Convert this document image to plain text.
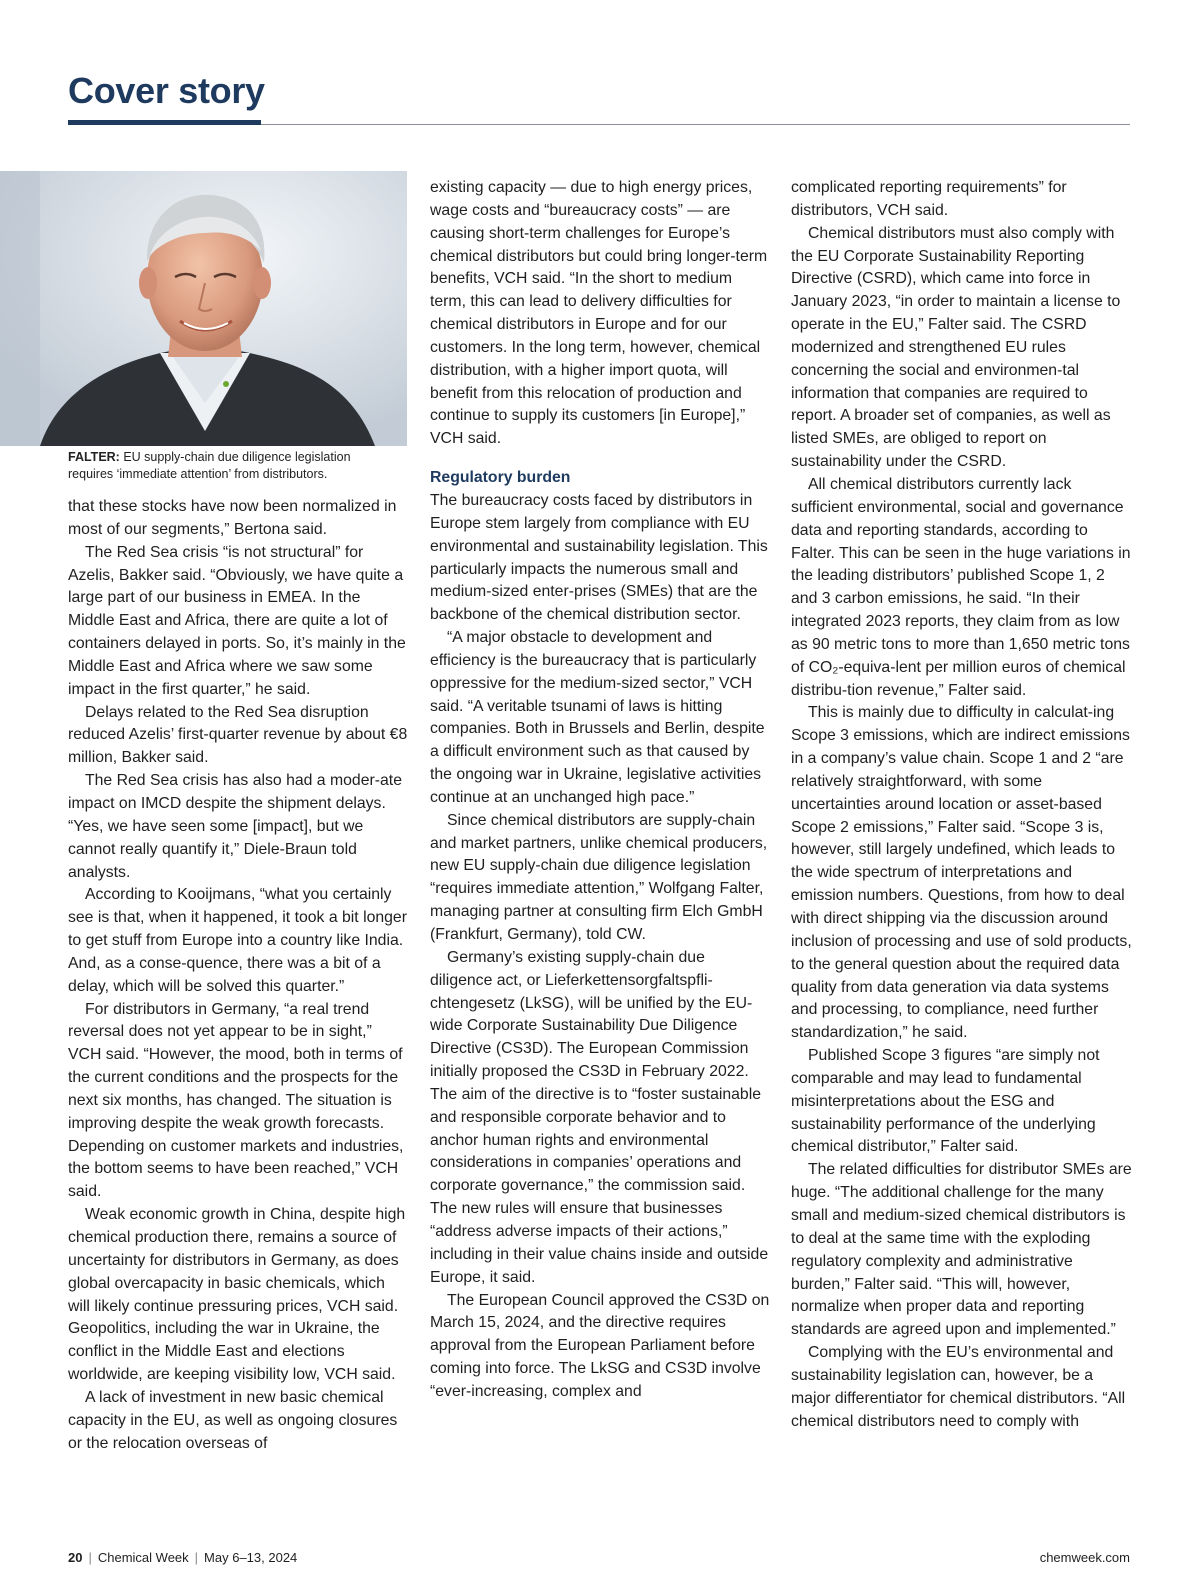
Cover story
FALTER: EU supply-chain due diligence legislation requires ‘immediate attention’ from distributors.

that these stocks have now been normalized in most of our segments,” Bertona said.

The Red Sea crisis “is not structural” for Azelis, Bakker said. “Obviously, we have quite a large part of our business in EMEA. In the Middle East and Africa, there are quite a lot of containers delayed in ports. So, it’s mainly in the Middle East and Africa where we saw some impact in the first quarter,” he said.

Delays related to the Red Sea disruption reduced Azelis’ first-quarter revenue by about €8 million, Bakker said.

The Red Sea crisis has also had a moder-ate impact on IMCD despite the shipment delays. “Yes, we have seen some [impact], but we cannot really quantify it,” Diele-Braun told analysts.

According to Kooijmans, “what you certainly see is that, when it happened, it took a bit longer to get stuff from Europe into a country like India. And, as a conse-quence, there was a bit of a delay, which will be solved this quarter.”

For distributors in Germany, “a real trend reversal does not yet appear to be in sight,” VCH said. “However, the mood, both in terms of the current conditions and the prospects for the next six months, has changed. The situation is improving despite the weak growth forecasts. Depending on customer markets and industries, the bottom seems to have been reached,” VCH said.

Weak economic growth in China, despite high chemical production there, remains a source of uncertainty for distributors in Germany, as does global overcapacity in basic chemicals, which will likely continue pressuring prices, VCH said. Geopolitics, including the war in Ukraine, the conflict in the Middle East and elections worldwide, are keeping visibility low, VCH said.

A lack of investment in new basic chemical capacity in the EU, as well as ongoing closures or the relocation overseas of

existing capacity — due to high energy prices, wage costs and “bureaucracy costs” — are causing short-term challenges for Europe’s chemical distributors but could bring longer-term benefits, VCH said. “In the short to medium term, this can lead to delivery difficulties for chemical distributors in Europe and for our customers. In the long term, however, chemical distribution, with a higher import quota, will benefit from this relocation of production and continue to supply its customers [in Europe],” VCH said.

Regulatory burden

The bureaucracy costs faced by distributors in Europe stem largely from compliance with EU environmental and sustainability legislation. This particularly impacts the numerous small and medium-sized enter-prises (SMEs) that are the backbone of the chemical distribution sector.

“A major obstacle to development and efficiency is the bureaucracy that is particularly oppressive for the medium-sized sector,” VCH said. “A veritable tsunami of laws is hitting companies. Both in Brussels and Berlin, despite a difficult environment such as that caused by the ongoing war in Ukraine, legislative activities continue at an unchanged high pace.”

Since chemical distributors are supply-chain and market partners, unlike chemical producers, new EU supply-chain due diligence legislation “requires immediate attention,” Wolfgang Falter, managing partner at consulting firm Elch GmbH (Frankfurt, Germany), told CW.

Germany’s existing supply-chain due diligence act, or Lieferkettensorgfaltspfli-chtengesetz (LkSG), will be unified by the EU-wide Corporate Sustainability Due Diligence Directive (CS3D). The European Commission initially proposed the CS3D in February 2022. The aim of the directive is to “foster sustainable and responsible corporate behavior and to anchor human rights and environmental considerations in companies’ operations and corporate governance,” the commission said. The new rules will ensure that businesses “address adverse impacts of their actions,” including in their value chains inside and outside Europe, it said.

The European Council approved the CS3D on March 15, 2024, and the directive requires approval from the European Parliament before coming into force. The LkSG and CS3D involve “ever-increasing, complex and

complicated reporting requirements” for distributors, VCH said.

Chemical distributors must also comply with the EU Corporate Sustainability Reporting Directive (CSRD), which came into force in January 2023, “in order to maintain a license to operate in the EU,” Falter said. The CSRD modernized and strengthened EU rules concerning the social and environmen-tal information that companies are required to report. A broader set of companies, as well as listed SMEs, are obliged to report on sustainability under the CSRD.

All chemical distributors currently lack sufficient environmental, social and governance data and reporting standards, according to Falter. This can be seen in the huge variations in the leading distributors’ published Scope 1, 2 and 3 carbon emissions, he said. “In their integrated 2023 reports, they claim from as low as 90 metric tons to more than 1,650 metric tons of CO₂-equiva-lent per million euros of chemical distribu-tion revenue,” Falter said.

This is mainly due to difficulty in calculat-ing Scope 3 emissions, which are indirect emissions in a company’s value chain. Scope 1 and 2 “are relatively straightforward, with some uncertainties around location or asset-based Scope 2 emissions,” Falter said. “Scope 3 is, however, still largely undefined, which leads to the wide spectrum of interpretations and emission numbers. Questions, from how to deal with direct shipping via the discussion around inclusion of processing and use of sold products, to the general question about the required data quality from data generation via data systems and processing, to compliance, need further standardization,” he said.

Published Scope 3 figures “are simply not comparable and may lead to fundamental misinterpretations about the ESG and sustainability performance of the underlying chemical distributor,” Falter said.

The related difficulties for distributor SMEs are huge. “The additional challenge for the many small and medium-sized chemical distributors is to deal at the same time with the exploding regulatory complexity and administrative burden,” Falter said. “This will, however, normalize when proper data and reporting standards are agreed upon and implemented.”

Complying with the EU’s environmental and sustainability legislation can, however, be a major differentiator for chemical distributors. “All chemical distributors need to comply with

20 | Chemical Week | May 6–13, 2024	chemweek.com
